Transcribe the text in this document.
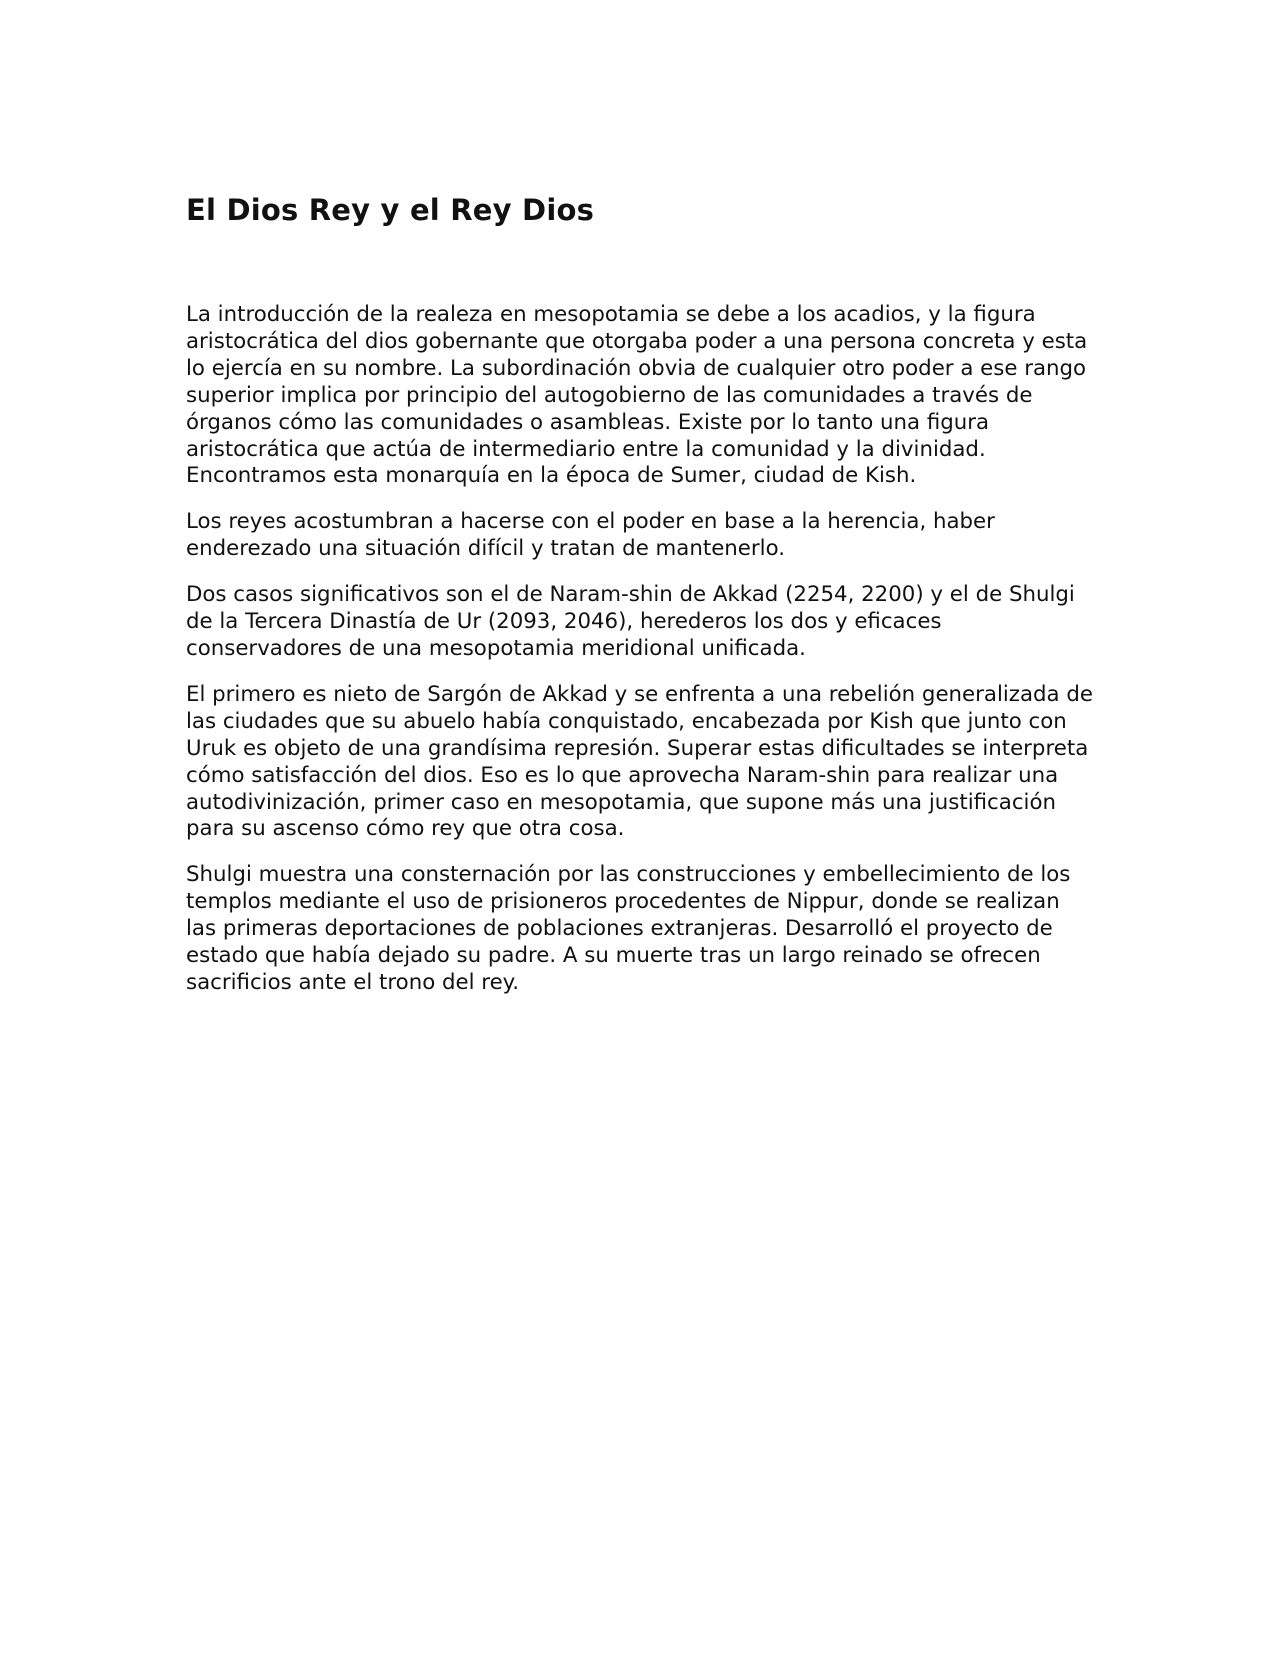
El Dios Rey y el Rey Dios

La introducción de la realeza en mesopotamia se debe a los acadios, y la figura aristocrática del dios gobernante que otorgaba poder a una persona concreta y esta lo ejercía en su nombre. La subordinación obvia de cualquier otro poder a ese rango superior implica por principio del autogobierno de las comunidades a través de órganos cómo las comunidades o asambleas. Existe por lo tanto una figura aristocrática que actúa de intermediario entre la comunidad y la divinidad. Encontramos esta monarquía en la época de Sumer, ciudad de Kish.

Los reyes acostumbran a hacerse con el poder en base a la herencia, haber enderezado una situación difícil y tratan de mantenerlo.

Dos casos significativos son el de Naram-shin de Akkad (2254, 2200) y el de Shulgi de la Tercera Dinastía de Ur (2093, 2046), herederos los dos y eficaces conservadores de una mesopotamia meridional unificada.

El primero es nieto de Sargón de Akkad y se enfrenta a una rebelión generalizada de las ciudades que su abuelo había conquistado, encabezada por Kish que junto con Uruk es objeto de una grandísima represión. Superar estas dificultades se interpreta cómo satisfacción del dios. Eso es lo que aprovecha Naram-shin para realizar una autodivinización, primer caso en mesopotamia, que supone más una justificación para su ascenso cómo rey que otra cosa.

Shulgi muestra una consternación por las construcciones y embellecimiento de los templos mediante el uso de prisioneros procedentes de Nippur, donde se realizan las primeras deportaciones de poblaciones extranjeras. Desarrolló el proyecto de estado que había dejado su padre. A su muerte tras un largo reinado se ofrecen sacrificios ante el trono del rey.
